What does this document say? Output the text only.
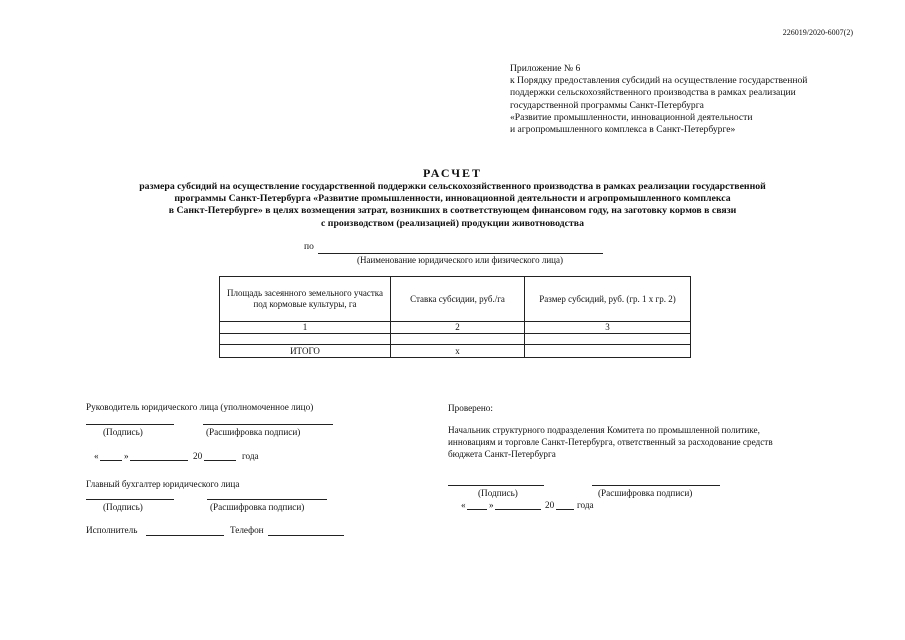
226019/2020-6007(2)
Приложение № 6
к Порядку предоставления субсидий на осуществление государственной
поддержки сельскохозяйственного производства в рамках реализации
государственной программы Санкт-Петербурга
«Развитие промышленности, инновационной деятельности
и агропромышленного комплекса в Санкт-Петербурге»
РАСЧЕТ
размера субсидий на осуществление государственной поддержки сельскохозяйственного производства в рамках реализации государственной
программы Санкт-Петербурга «Развитие промышленности, инновационной деятельности и агропромышленного комплекса
в Санкт-Петербурге» в целях возмещения затрат, возникших в соответствующем финансовом году, на заготовку кормов в связи
с производством (реализацией) продукции животноводства
по
(Наименование юридического или физического лица)
Площадь засеянного земельного участка под кормовые культуры, га	Ставка субсидии, руб./га	Размер субсидий, руб. (гр. 1 x гр. 2)
1	2	3

ИТОГО	x	
Руководитель юридического лица (уполномоченное лицо)
(Подпись)	(Расшифровка подписи)
«	»	20	года
Главный бухгалтер юридического лица
(Подпись)	(Расшифровка подписи)
Исполнитель	Телефон
Проверено:
Начальник структурного подразделения Комитета по промышленной политике,
инновациям и торговле Санкт-Петербурга, ответственный за расходование средств
бюджета Санкт-Петербурга
(Подпись)	(Расшифровка подписи)
«	»	20 года
